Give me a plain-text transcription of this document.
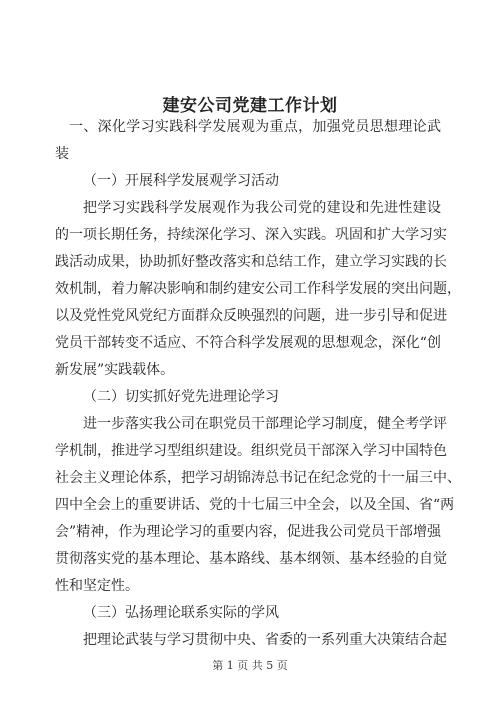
建安公司党建工作计划
一、深化学习实践科学发展观为重点，加强党员思想理论武
装
（一）开展科学发展观学习活动
把学习实践科学发展观作为我公司党的建设和先进性建设
的一项长期任务，持续深化学习、深入实践。巩固和扩大学习实
践活动成果，协助抓好整改落实和总结工作，建立学习实践的长
效机制，着力解决影响和制约建安公司工作科学发展的突出问题，
以及党性党风党纪方面群众反映强烈的问题，进一步引导和促进
党员干部转变不适应、不符合科学发展观的思想观念，深化“创
新发展”实践载体。
（二）切实抓好党先进理论学习
进一步落实我公司在职党员干部理论学习制度，健全考学评
学机制，推进学习型组织建设。组织党员干部深入学习中国特色
社会主义理论体系，把学习胡锦涛总书记在纪念党的十一届三中、
四中全会上的重要讲话、党的十七届三中全会，以及全国、省“两
会”精神，作为理论学习的重要内容，促进我公司党员干部增强
贯彻落实党的基本理论、基本路线、基本纲领、基本经验的自觉
性和坚定性。
（三）弘扬理论联系实际的学风
把理论武装与学习贯彻中央、省委的一系列重大决策结合起
第 1 页 共 5 页
